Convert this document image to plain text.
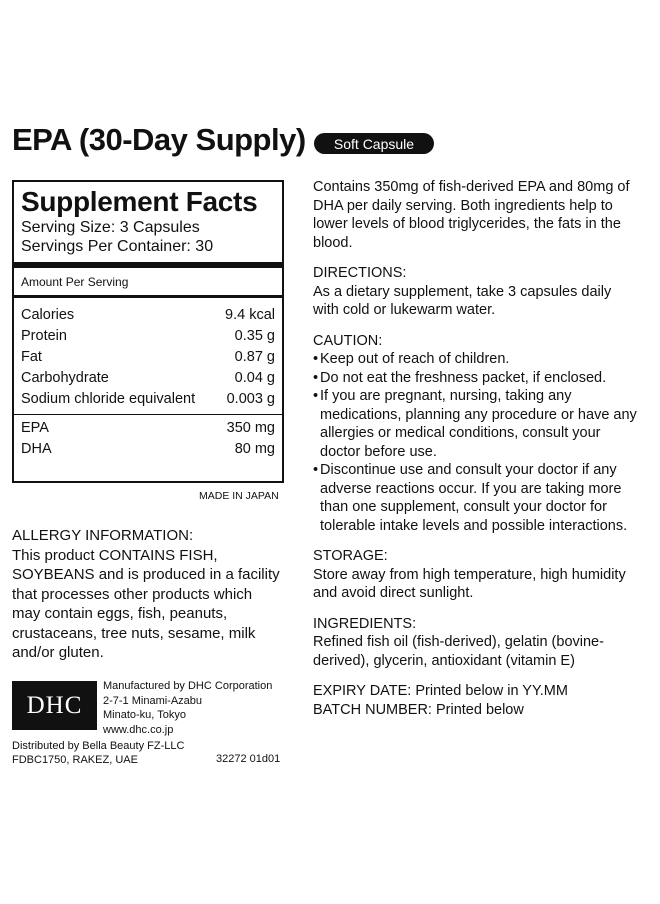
EPA (30-Day Supply)	Soft Capsule
Supplement Facts
Serving Size: 3 Capsules
Servings Per Container: 30
Amount Per Serving
Calories	9.4 kcal
Protein	0.35 g
Fat	0.87 g
Carbohydrate	0.04 g
Sodium chloride equivalent 0.003 g
EPA	350 mg
DHA	80 mg
MADE IN JAPAN
ALLERGY INFORMATION:
This product CONTAINS FISH, SOYBEANS and is produced in a facility that processes other products which may contain eggs, fish, peanuts, crustaceans, tree nuts, sesame, milk and/or gluten.
DHC
Manufactured by DHC Corporation
2-7-1 Minami-Azabu
Minato-ku, Tokyo
www.dhc.co.jp
Distributed by Bella Beauty FZ-LLC
FDBC1750, RAKEZ, UAE	32272 01d01

Contains 350mg of fish-derived EPA and 80mg of DHA per daily serving. Both ingredients help to lower levels of blood triglycerides, the fats in the blood.

DIRECTIONS:

As a dietary supplement, take 3 capsules daily with cold or lukewarm water.

CAUTION:
• Keep out of reach of children.
• Do not eat the freshness packet, if enclosed.
• If you are pregnant, nursing, taking any medications, planning any procedure or have any allergies or medical conditions, consult your doctor before use.
• Discontinue use and consult your doctor if any adverse reactions occur. If you are taking more than one supplement, consult your doctor for tolerable intake levels and possible interactions.
STORAGE:

Store away from high temperature, high humidity and avoid direct sunlight.

INGREDIENTS:

Refined fish oil (fish-derived), gelatin (bovine-derived), glycerin, antioxidant (vitamin E)

EXPIRY DATE: Printed below in YY.MM
BATCH NUMBER: Printed below
